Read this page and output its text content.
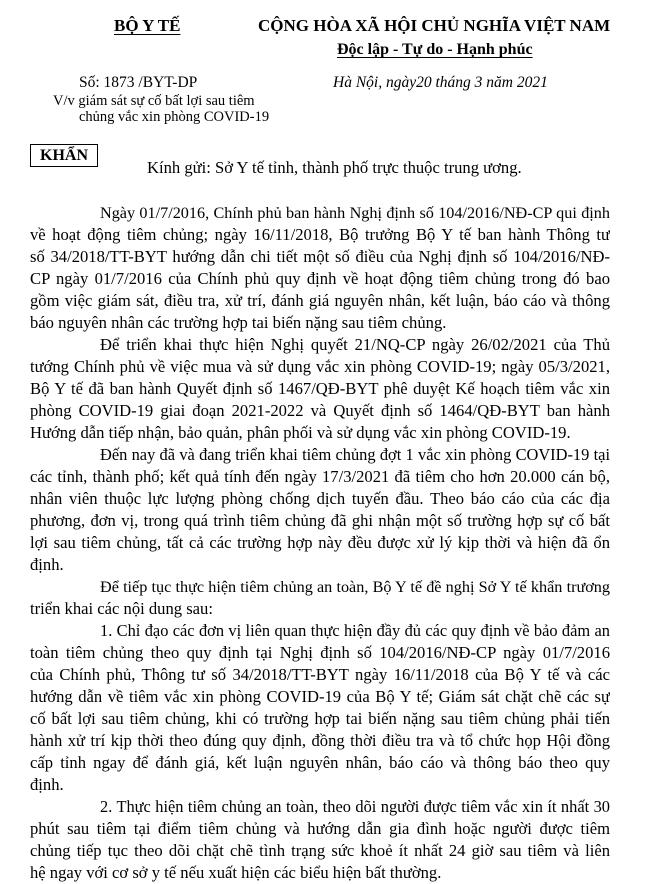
BỘ Y TẾ	CỘNG HÒA XÃ HỘI CHỦ NGHĨA VIỆT NAM
Độc lập - Tự do - Hạnh phúc
Số: 1873 /BYT-DP	Hà Nội, ngày20 tháng 3 năm 2021
V/v giám sát sự cố bất lợi sau tiêm
chủng vắc xin phòng COVID-19
KHẨN
Kính gửi: Sở Y tế tỉnh, thành phố trực thuộc trung ương.
Ngày 01/7/2016, Chính phủ ban hành Nghị định số 104/2016/NĐ-CP qui định
về hoạt động tiêm chủng; ngày 16/11/2018, Bộ trưởng Bộ Y tế ban hành Thông tư
số 34/2018/TT-BYT hướng dẫn chi tiết một số điều của Nghị định số 104/2016/NĐ-
CP ngày 01/7/2016 của Chính phủ quy định về hoạt động tiêm chủng trong đó bao
gồm việc giám sát, điều tra, xử trí, đánh giá nguyên nhân, kết luận, báo cáo và thông
báo nguyên nhân các trường hợp tai biến nặng sau tiêm chủng.
Để triển khai thực hiện Nghị quyết 21/NQ-CP ngày 26/02/2021 của Thủ
tướng Chính phủ về việc mua và sử dụng vắc xin phòng COVID-19; ngày 05/3/2021,
Bộ Y tế đã ban hành Quyết định số 1467/QĐ-BYT phê duyệt Kế hoạch tiêm vắc xin
phòng COVID-19 giai đoạn 2021-2022 và Quyết định số 1464/QĐ-BYT ban hành
Hướng dẫn tiếp nhận, bảo quản, phân phối và sử dụng vắc xin phòng COVID-19.
Đến nay đã và đang triển khai tiêm chủng đợt 1 vắc xin phòng COVID-19 tại
các tỉnh, thành phố; kết quả tính đến ngày 17/3/2021 đã tiêm cho hơn 20.000 cán bộ,
nhân viên thuộc lực lượng phòng chống dịch tuyến đầu. Theo báo cáo của các địa
phương, đơn vị, trong quá trình tiêm chủng đã ghi nhận một số trường hợp sự cố bất
lợi sau tiêm chủng, tất cả các trường hợp này đều được xử lý kịp thời và hiện đã ổn
định.
Để tiếp tục thực hiện tiêm chủng an toàn, Bộ Y tế đề nghị Sở Y tế khẩn trương
triển khai các nội dung sau:
1. Chỉ đạo các đơn vị liên quan thực hiện đầy đủ các quy định về bảo đảm an
toàn tiêm chủng theo quy định tại Nghị định số 104/2016/NĐ-CP ngày 01/7/2016
của Chính phủ, Thông tư số 34/2018/TT-BYT ngày 16/11/2018 của Bộ Y tế và các
hướng dẫn về tiêm vắc xin phòng COVID-19 của Bộ Y tế; Giám sát chặt chẽ các sự
cố bất lợi sau tiêm chủng, khi có trường hợp tai biến nặng sau tiêm chủng phải tiến
hành xử trí kịp thời theo đúng quy định, đồng thời điều tra và tổ chức họp Hội đồng
cấp tỉnh ngay để đánh giá, kết luận nguyên nhân, báo cáo và thông báo theo quy
định.
2. Thực hiện tiêm chủng an toàn, theo dõi người được tiêm vắc xin ít nhất 30
phút sau tiêm tại điểm tiêm chủng và hướng dẫn gia đình hoặc người được tiêm
chủng tiếp tục theo dõi chặt chẽ tình trạng sức khoẻ ít nhất 24 giờ sau tiêm và liên
hệ ngay với cơ sở y tế nếu xuất hiện các biểu hiện bất thường.
